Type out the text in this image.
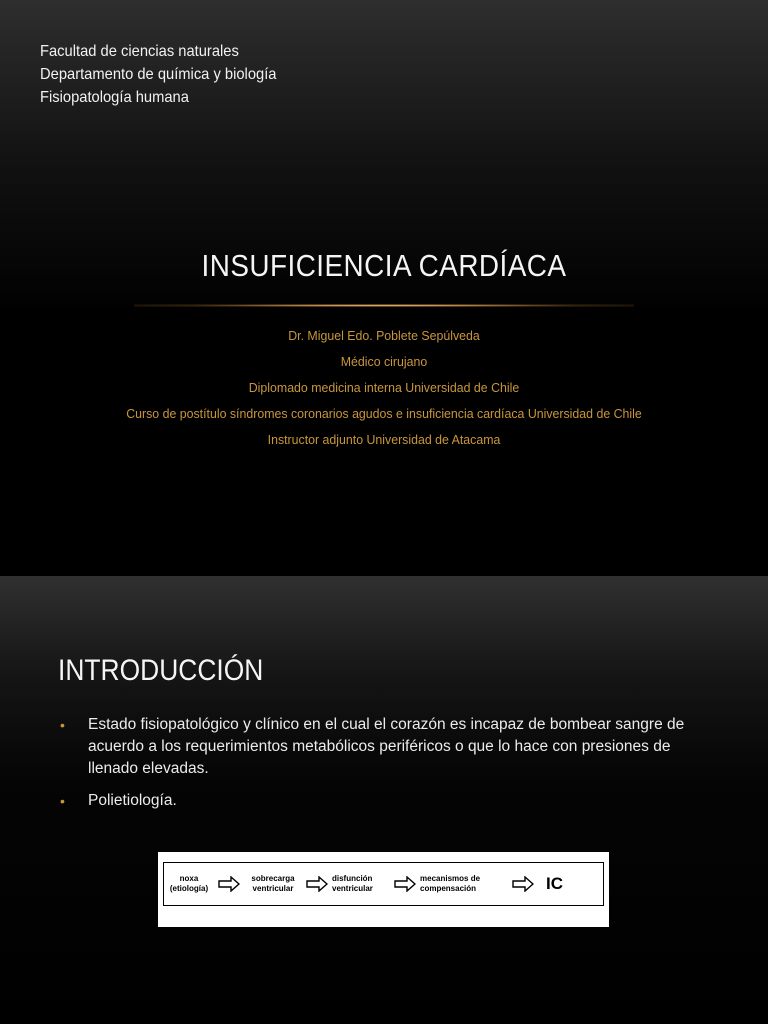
Facultad de ciencias naturales
Departamento de química y biología
Fisiopatología humana
INSUFICIENCIA CARDÍACA
Dr. Miguel Edo. Poblete Sepúlveda
Médico cirujano
Diplomado medicina interna Universidad de Chile
Curso de postítulo síndromes coronarios agudos e insuficiencia cardíaca Universidad de Chile
Instructor adjunto Universidad de Atacama
INTRODUCCIÓN
• Estado fisiopatológico y clínico en el cual el corazón es incapaz de bombear sangre de acuerdo a los requerimientos metabólicos periféricos o que lo hace con presiones de llenado elevadas.
• Polietiología.
noxa
(etiología)
sobrecarga
ventricular
disfunción
ventricular
mecanismos de
compensación	IC
